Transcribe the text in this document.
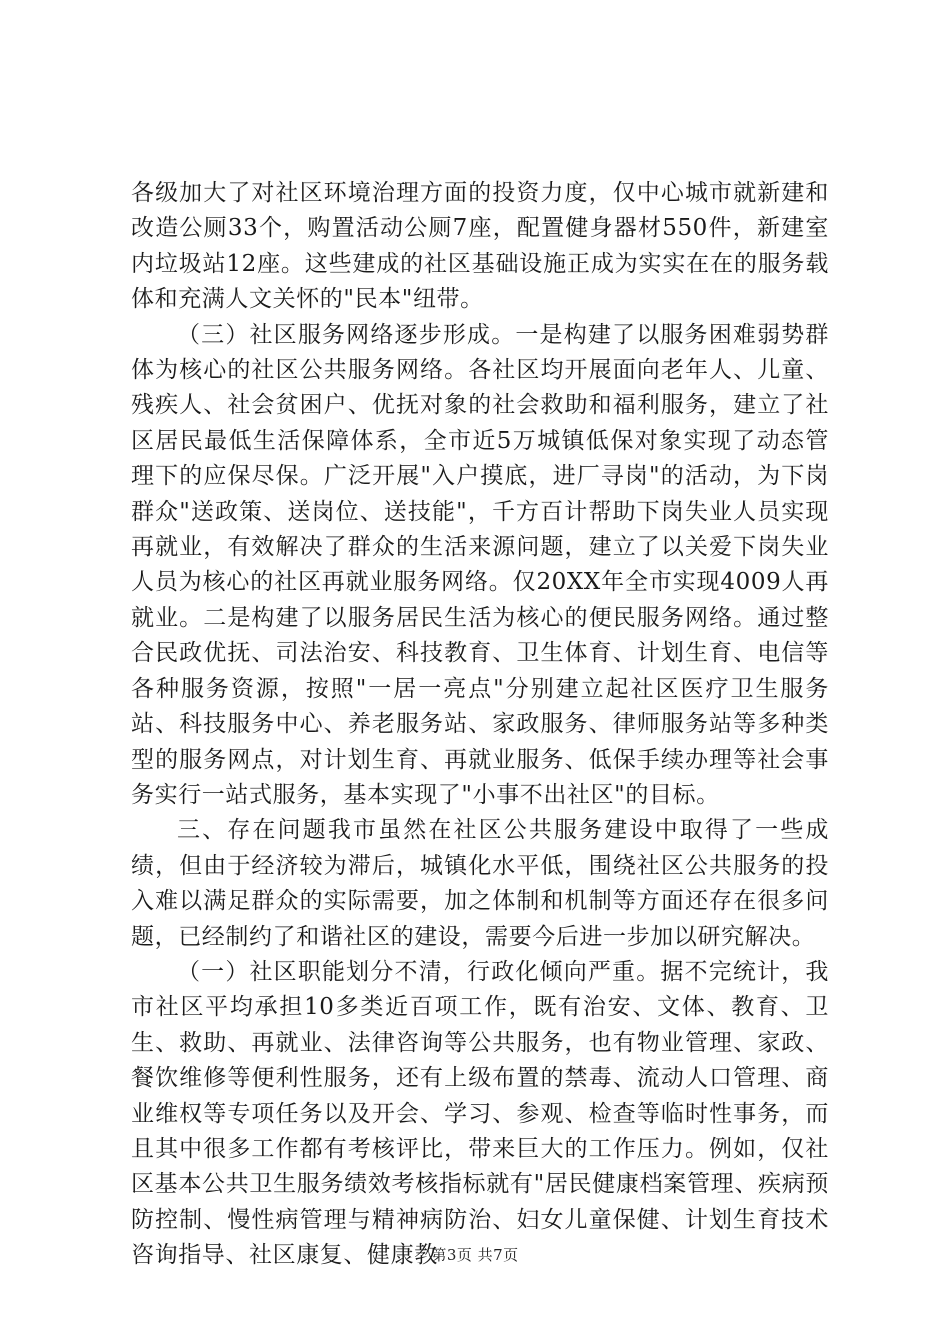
各级加大了对社区环境治理方面的投资力度，仅中心城市就新建和改造公厕33个，购置活动公厕7座，配置健身器材550件，新建室内垃圾站12座。这些建成的社区基础设施正成为实实在在的服务载体和充满人文关怀的"民本"纽带。

（三）社区服务网络逐步形成。一是构建了以服务困难弱势群体为核心的社区公共服务网络。各社区均开展面向老年人、儿童、残疾人、社会贫困户、优抚对象的社会救助和福利服务，建立了社区居民最低生活保障体系，全市近5万城镇低保对象实现了动态管理下的应保尽保。广泛开展"入户摸底，进厂寻岗"的活动，为下岗群众"送政策、送岗位、送技能"，千方百计帮助下岗失业人员实现再就业，有效解决了群众的生活来源问题，建立了以关爱下岗失业人员为核心的社区再就业服务网络。仅20XX年全市实现4009人再就业。二是构建了以服务居民生活为核心的便民服务网络。通过整合民政优抚、司法治安、科技教育、卫生体育、计划生育、电信等各种服务资源，按照"一居一亮点"分别建立起社区医疗卫生服务站、科技服务中心、养老服务站、家政服务、律师服务站等多种类型的服务网点，对计划生育、再就业服务、低保手续办理等社会事务实行一站式服务，基本实现了"小事不出社区"的目标。

三、存在问题我市虽然在社区公共服务建设中取得了一些成绩，但由于经济较为滞后，城镇化水平低，围绕社区公共服务的投入难以满足群众的实际需要，加之体制和机制等方面还存在很多问题，已经制约了和谐社区的建设，需要今后进一步加以研究解决。

（一）社区职能划分不清，行政化倾向严重。据不完统计，我市社区平均承担10多类近百项工作，既有治安、文体、教育、卫生、救助、再就业、法律咨询等公共服务，也有物业管理、家政、餐饮维修等便利性服务，还有上级布置的禁毒、流动人口管理、商业维权等专项任务以及开会、学习、参观、检查等临时性事务，而且其中很多工作都有考核评比，带来巨大的工作压力。例如，仅社区基本公共卫生服务绩效考核指标就有"居民健康档案管理、疾病预防控制、慢性病管理与精神病防治、妇女儿童保健、计划生育技术咨询指导、社区康复、健康教

第3页 共7页
